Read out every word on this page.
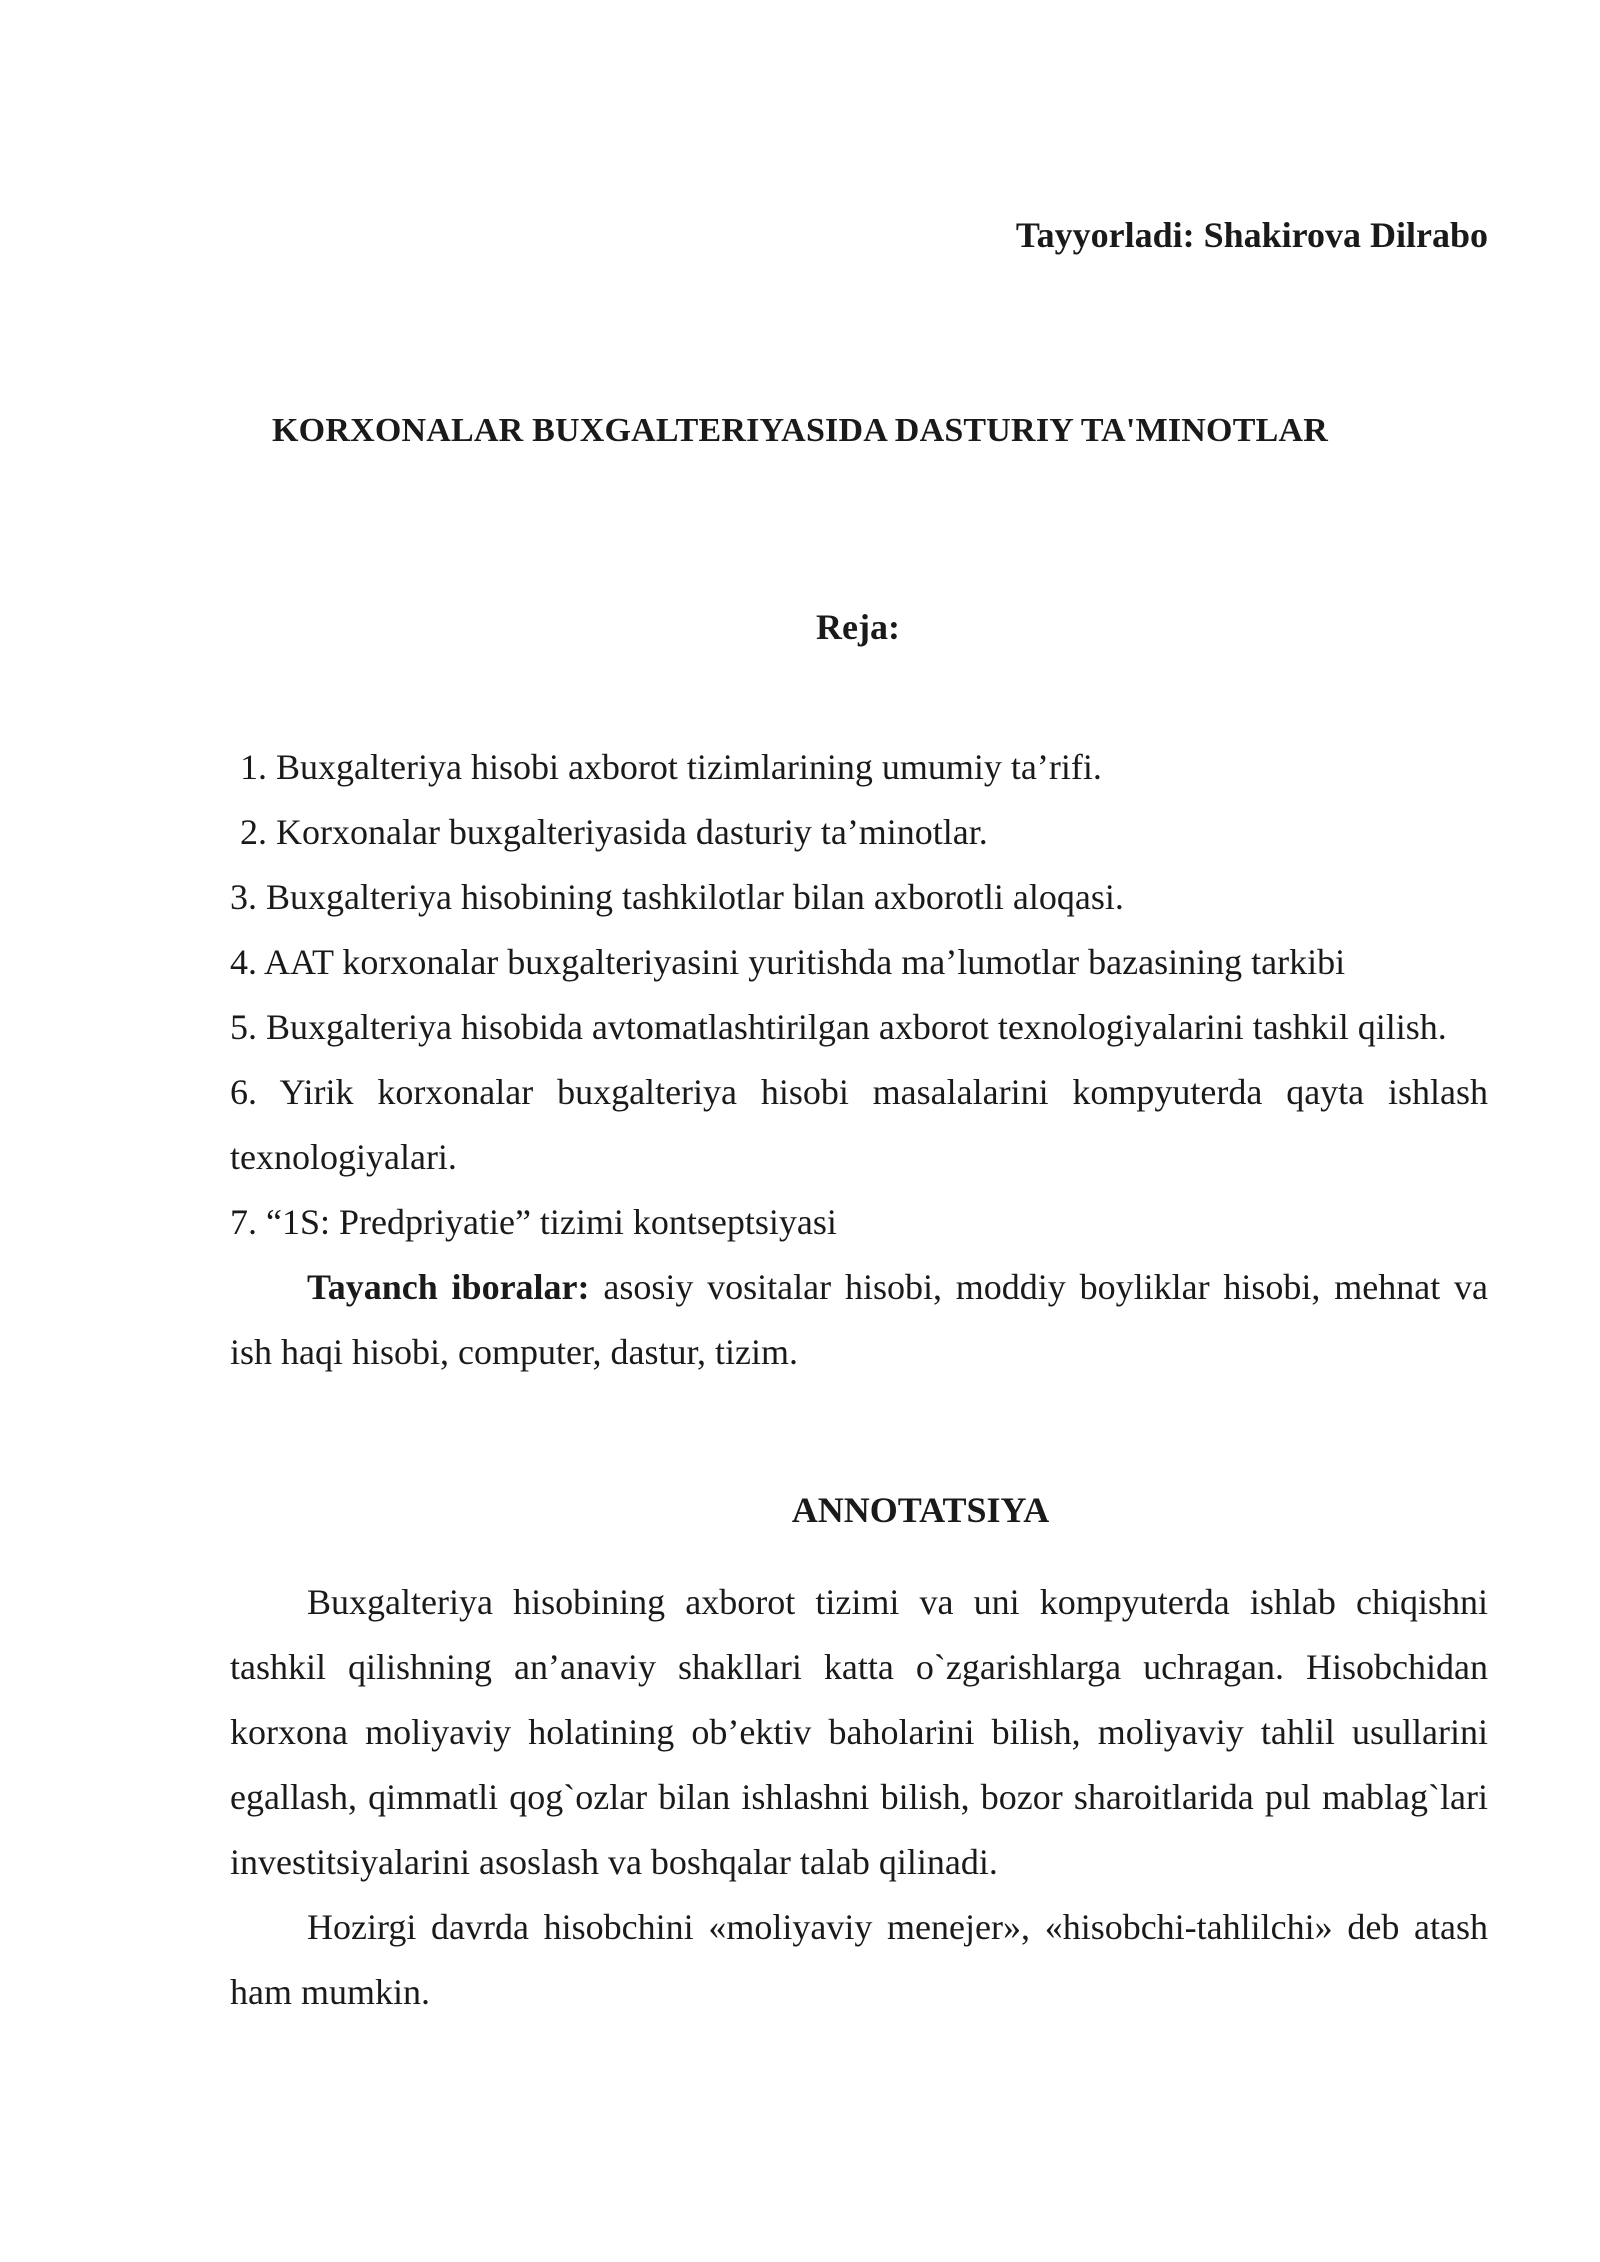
Tayyorladi: Shakirova Dilrabo

KORXONALAR BUXGALTERIYASIDA DASTURIY TA'MINOTLAR
Reja:
1. Buxgalteriya hisobi axborot tizimlarining umumiy ta’rifi.
2. Korxonalar buxgalteriyasida dasturiy ta’minotlar.
3. Buxgalteriya hisobining tashkilotlar bilan axborotli aloqasi.
4. AAT korxonalar buxgalteriyasini yuritishda ma’lumotlar bazasining tarkibi
5. Buxgalteriya hisobida avtomatlashtirilgan axborot texnologiyalarini tashkil qilish.
6. Yirik korxonalar buxgalteriya hisobi masalalarini kompyuterda qayta ishlash texnologiyalari.
7. “1S: Predpriyatie” tizimi kontseptsiyasi

Tayanch iboralar: asosiy vositalar hisobi, moddiy boyliklar hisobi, mehnat va ish haqi hisobi, computer, dastur, tizim.

ANNOTATSIYA

Buxgalteriya hisobining axborot tizimi va uni kompyuterda ishlab chiqishni tashkil qilishning an’anaviy shakllari katta o`zgarishlarga uchragan. Hisobchidan korxona moliyaviy holatining ob’ektiv baholarini bilish, moliyaviy tahlil usullarini egallash, qimmatli qog`ozlar bilan ishlashni bilish, bozor sharoitlarida pul mablag`lari investitsiyalarini asoslash va boshqalar talab qilinadi.

Hozirgi davrda hisobchini «moliyaviy menejer», «hisobchi-tahlilchi» deb atash ham mumkin.
